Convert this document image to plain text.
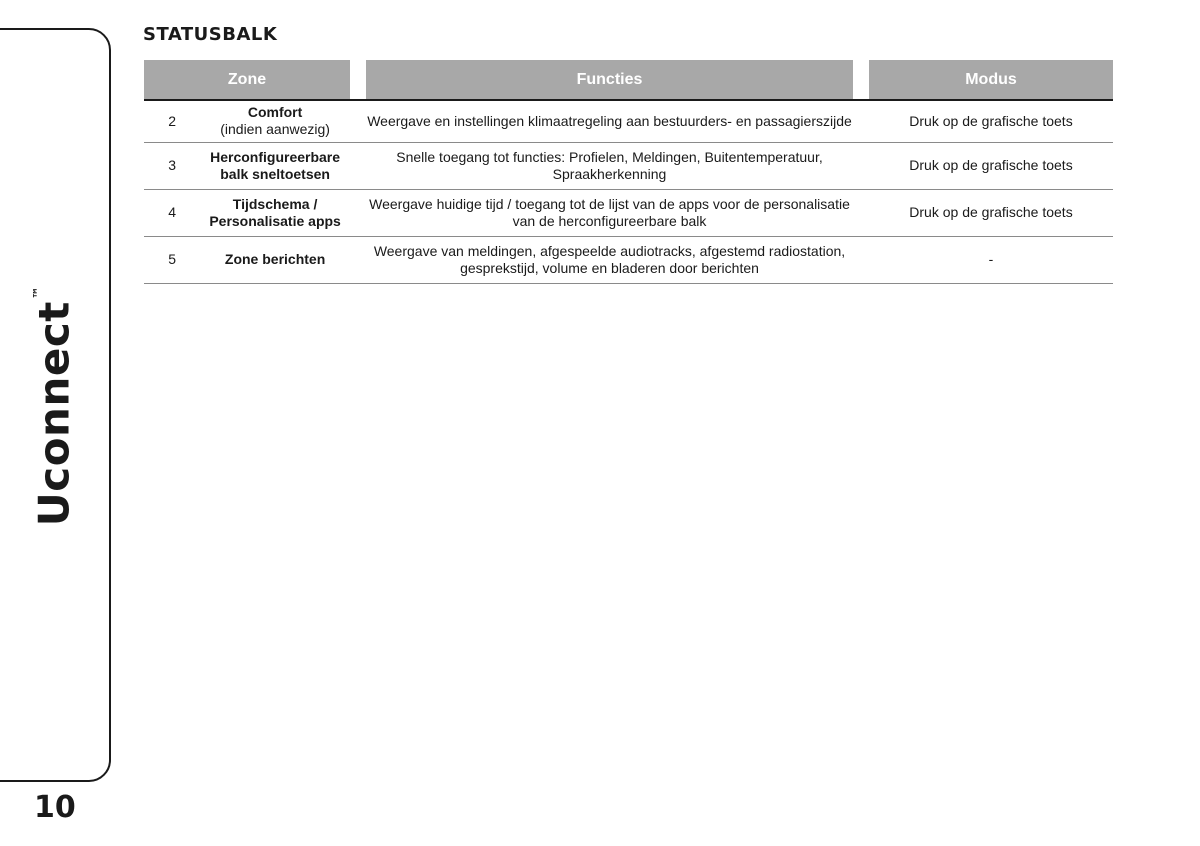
Uconnect™
10
STATUSBALK
Zone			Functies		Modus
2	Comfort
(indien aanwezig)	Weergave en instellingen klimaatregeling aan bestuurders- en passagierszijde			Druk op de grafische toets
3	Herconfigureerbare
balk sneltoetsen	Snelle toegang tot functies: Profielen, Meldingen, Buitentemperatuur,
Spraakherkenning			Druk op de grafische toets
4	Tijdschema /
Personalisatie apps	Weergave huidige tijd / toegang tot de lijst van de apps voor de personalisatie
van de herconfigureerbare balk			Druk op de grafische toets
5	Zone berichten	Weergave van meldingen, afgespeelde audiotracks, afgestemd radiostation,
gesprekstijd, volume en bladeren door berichten			-
